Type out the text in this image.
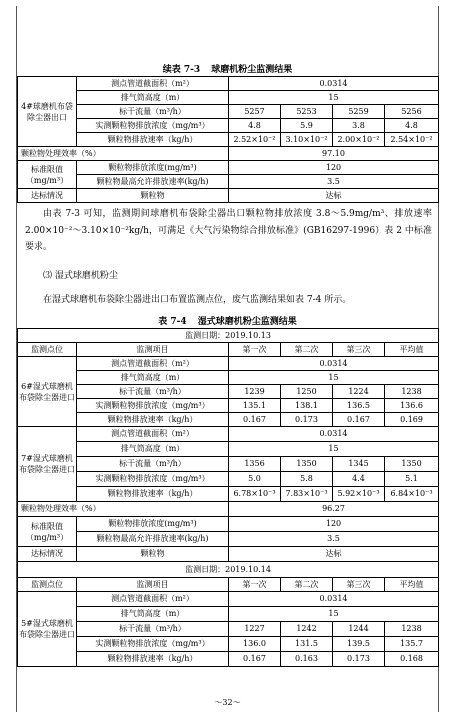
续表 7-3 球磨机粉尘监测结果
4#球磨机布袋除尘器出口	测点管道截面积（m²）	0.0314			
	排气筒高度（m）	15			
	标干流量（m³/h）	5257	5253	5259	5256
	实测颗粒物排放浓度（mg/m³）	4.8	5.9	3.8	4.8
	颗粒物排放速率（kg/h）	2.52×10⁻²	3.10×10⁻²	2.00×10⁻²	2.54×10⁻²
颗粒物处理效率（%）		97.10			
标准限值（mg/m³）	颗粒物排放浓度(mg/m³)	120			
	颗粒物最高允许排放速率(kg/h)	3.5			
达标情况	颗粒物	达标			
由表 7-3 可知，监测期间球磨机布袋除尘器出口颗粒物排放浓度 3.8～5.9mg/m³、排放速率 2.00×10⁻²～3.10×10⁻²kg/h，可满足《大气污染物综合排放标准》(GB16297-1996）表 2 中标准要求。
⑶ 湿式球磨机粉尘
在湿式球磨机布袋除尘器进出口布置监测点位，废气监测结果如表 7-4 所示。
表 7-4 湿式球磨机粉尘监测结果
监测日期：2019.10.13					
监测点位	监测项目	第一次	第二次	第三次	平均值
6#湿式球磨机布袋除尘器进口	测点管道截面积（m²）	0.0314			
	排气筒高度（m）	15			
	标干流量（m³/h）	1239	1250	1224	1238
	实测颗粒物排放浓度（mg/m³）	135.1	138.1	136.5	136.6
	颗粒物排放速率（kg/h）	0.167	0.173	0.167	0.169
7#湿式球磨机布袋除尘器进口	测点管道截面积（m²）	0.0314			
	排气筒高度（m）	15			
	标干流量（m³/h）	1356	1350	1345	1350
	实测颗粒物排放浓度（mg/m³）	5.0	5.8	4.4	5.1
	颗粒物排放速率（kg/h）	6.78×10⁻³	7.83×10⁻³	5.92×10⁻³	6.84×10⁻³
颗粒物处理效率（%）		96.27			
标准限值（mg/m³）	颗粒物排放浓度(mg/m³)	120			
	颗粒物最高允许排放速率(kg/h)	3.5			
达标情况	颗粒物	达标			
监测日期：2019.10.14					
监测点位	监测项目	第一次	第二次	第三次	平均值
5#湿式球磨机布袋除尘器进口	测点管道截面积（m²）	0.0314			
	排气筒高度（m）	15			
	标干流量（m³/h）	1227	1242	1244	1238
	实测颗粒物排放浓度（mg/m³）	136.0	131.5	139.5	135.7
	颗粒物排放速率（kg/h）	0.167	0.163	0.173	0.168
～32～
